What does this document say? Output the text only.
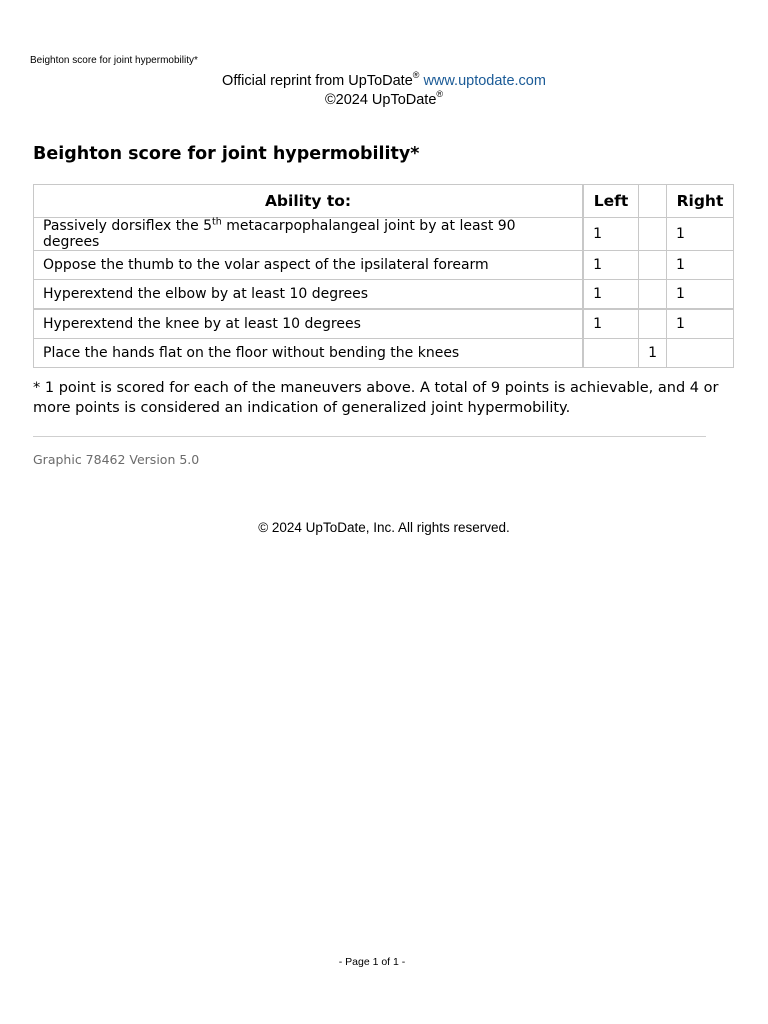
Beighton score for joint hypermobility*
Official reprint from UpToDate® www.uptodate.com
©2024 UpToDate®
Beighton score for joint hypermobility*
Ability to:	Left		Right
Passively dorsiflex the 5th metacarpophalangeal joint by at least 90 degrees	1		1
Oppose the thumb to the volar aspect of the ipsilateral forearm	1		1
Hyperextend the elbow by at least 10 degrees	1		1
Hyperextend the knee by at least 10 degrees	1		1
Place the hands flat on the floor without bending the knees		1	

* 1 point is scored for each of the maneuvers above. A total of 9 points is achievable, and 4 or more points is considered an indication of generalized joint hypermobility.

Graphic 78462 Version 5.0
© 2024 UpToDate, Inc. All rights reserved.
- Page 1 of 1 -
